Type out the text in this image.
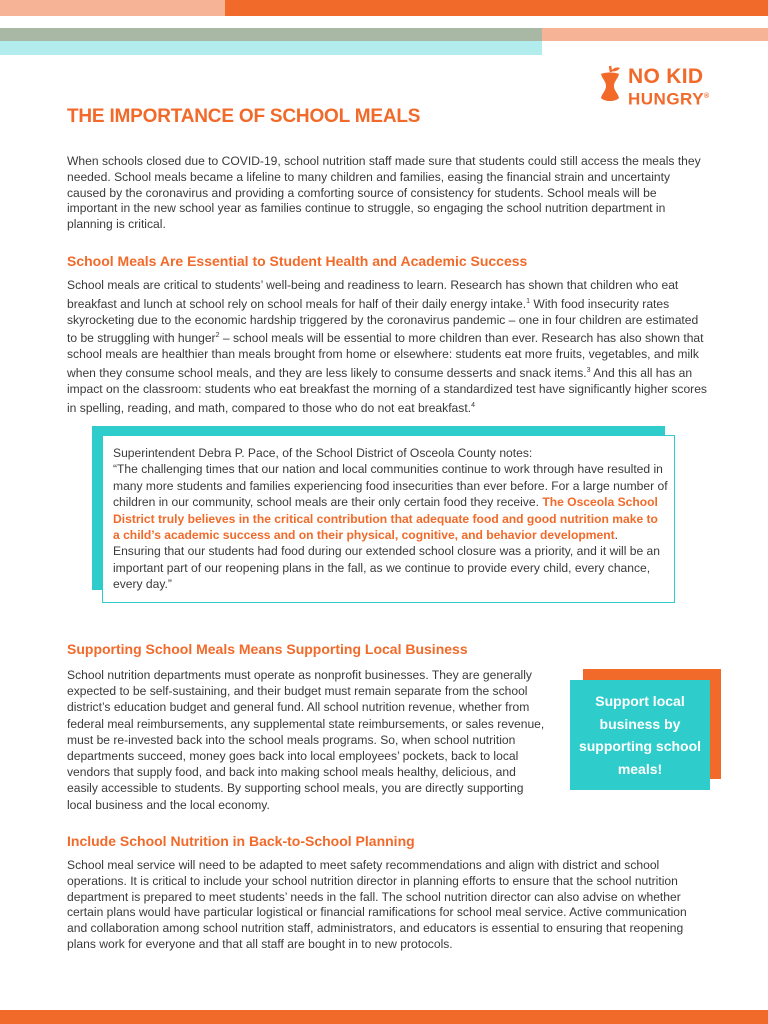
NO KID
HUNGRY®
THE IMPORTANCE OF SCHOOL MEALS

When schools closed due to COVID-19, school nutrition staff made sure that students could still access the meals they needed. School meals became a lifeline to many children and families, easing the financial strain and uncertainty caused by the coronavirus and providing a comforting source of consistency for students. School meals will be important in the new school year as families continue to struggle, so engaging the school nutrition department in planning is critical.

School Meals Are Essential to Student Health and Academic Success

School meals are critical to students’ well-being and readiness to learn. Research has shown that children who eat breakfast and lunch at school rely on school meals for half of their daily energy intake.$^1$ With food insecurity rates skyrocketing due to the economic hardship triggered by the coronavirus pandemic – one in four children are estimated to be struggling with hunger$^2$ – school meals will be essential to more children than ever. Research has also shown that school meals are healthier than meals brought from home or elsewhere: students eat more fruits, vegetables, and milk when they consume school meals, and they are less likely to consume desserts and snack items.$^3$ And this all has an impact on the classroom: students who eat breakfast the morning of a standardized test have significantly higher scores in spelling, reading, and math, compared to those who do not eat breakfast.$^4$

Superintendent Debra P. Pace, of the School District of Osceola County notes:
“The challenging times that our nation and local communities continue to work through have resulted in many more students and families experiencing food insecurities than ever before. For a large number of children in our community, school meals are their only certain food they receive. The Osceola School District truly believes in the critical contribution that adequate food and good nutrition make to a child’s academic success and on their physical, cognitive, and behavior development. Ensuring that our students had food during our extended school closure was a priority, and it will be an important part of our reopening plans in the fall, as we continue to provide every child, every chance, every day.”

Supporting School Meals Means Supporting Local Business

School nutrition departments must operate as nonprofit businesses. They are generally expected to be self-sustaining, and their budget must remain separate from the school district’s education budget and general fund. All school nutrition revenue, whether from federal meal reimbursements, any supplemental state reimbursements, or sales revenue, must be re-invested back into the school meals programs. So, when school nutrition departments succeed, money goes back into local employees’ pockets, back to local vendors that supply food, and back into making school meals healthy, delicious, and easily accessible to students. By supporting school meals, you are directly supporting local business and the local economy.

Support local business by supporting school meals!
Include School Nutrition in Back-to-School Planning

School meal service will need to be adapted to meet safety recommendations and align with district and school operations. It is critical to include your school nutrition director in planning efforts to ensure that the school nutrition department is prepared to meet students’ needs in the fall. The school nutrition director can also advise on whether certain plans would have particular logistical or financial ramifications for school meal service. Active communication and collaboration among school nutrition staff, administrators, and educators is essential to ensuring that reopening plans work for everyone and that all staff are bought in to new protocols.
